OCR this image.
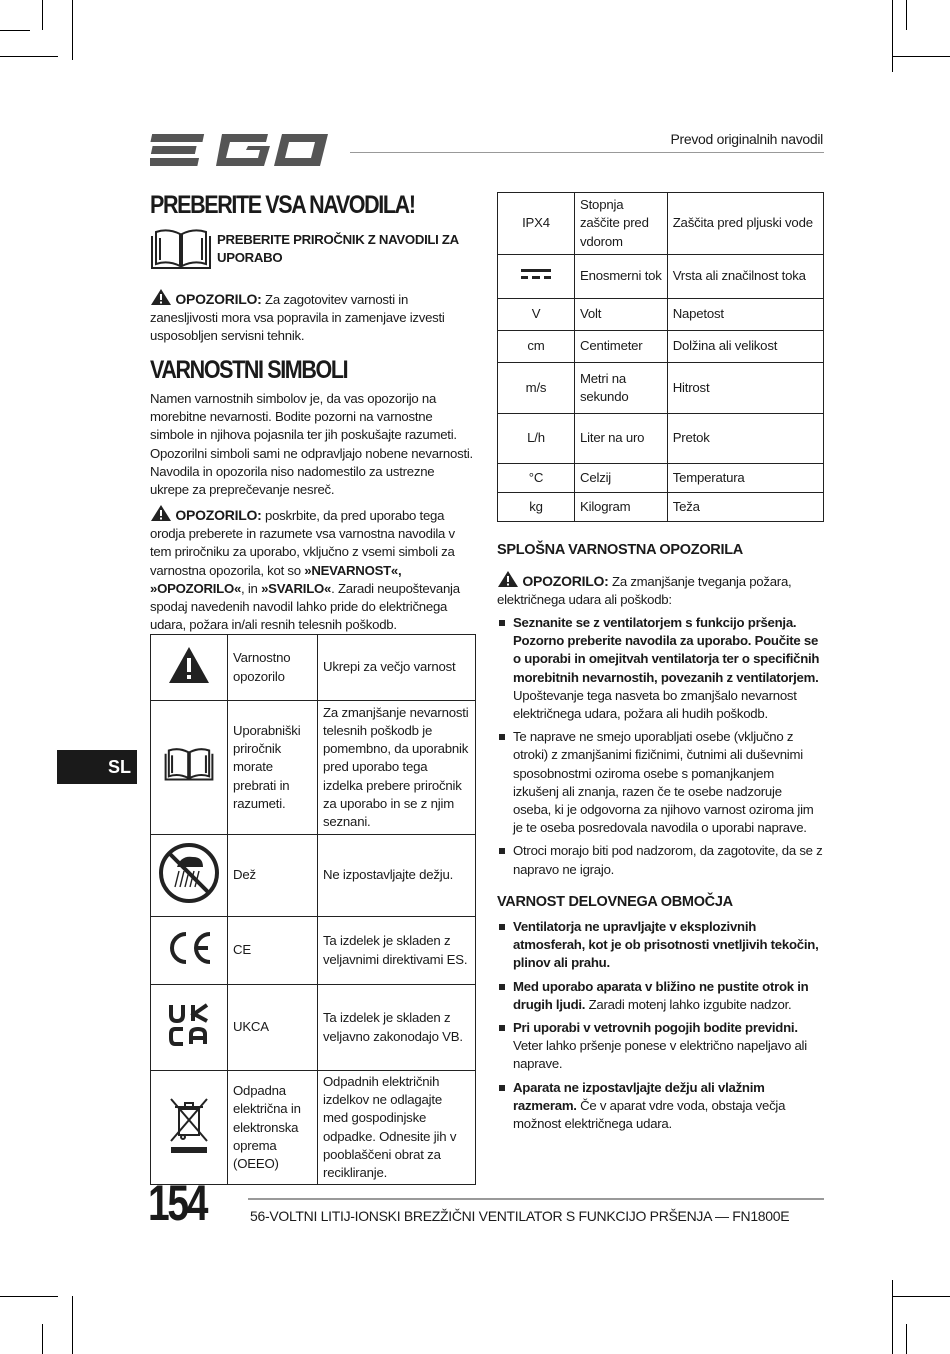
Prevod originalnih navodil
PREBERITE VSA NAVODILA!
PREBERITE PRIROČNIK Z NAVODILI ZA UPORABO
OPOZORILO: Za zagotovitev varnosti in zanesljivosti mora vsa popravila in zamenjave izvesti usposobljen servisni tehnik.
VARNOSTNI SIMBOLI
Namen varnostnih simbolov je, da vas opozorijo na morebitne nevarnosti. Bodite pozorni na varnostne simbole in njihova pojasnila ter jih poskušajte razumeti. Opozorilni simboli sami ne odpravljajo nobene nevarnosti. Navodila in opozorila niso nadomestilo za ustrezne ukrepe za preprečevanje nesreč.
OPOZORILO: poskrbite, da pred uporabo tega orodja preberete in razumete vsa varnostna navodila v tem priročniku za uporabo, vključno z vsemi simboli za varnostna opozorila, kot so »NEVARNOST«, »OPOZORILO«, in »SVARILO«. Zaradi neupoštevanja spodaj navedenih navodil lahko pride do električnega udara, požara in/ali resnih telesnih poškodb.
	Varnostno opozorilo	Ukrepi za večjo varnost
	Uporabniški priročnik morate prebrati in razumeti.	Za zmanjšanje nevarnosti telesnih poškodb je pomembno, da uporabnik pred uporabo tega izdelka prebere priročnik za uporabo in se z njim seznani.
	Dež	Ne izpostavljajte dežju.
	CE	Ta izdelek je skladen z veljavnimi direktivami ES.
	UKCA	Ta izdelek je skladen z veljavno zakonodajo VB.
	Odpadna električna in elektronska oprema (OEEO)	Odpadnih električnih izdelkov ne odlagajte med gospodinjske odpadke. Odnesite jih v pooblaščeni obrat za recikliranje.
SL
IPX4	Stopnja zaščite pred vdorom	Zaščita pred pljuski vode
	Enosmerni tok	Vrsta ali značilnost toka
V	Volt	Napetost
cm	Centimeter	Dolžina ali velikost
m/s	Metri na sekundo	Hitrost
L/h	Liter na uro	Pretok
°C	Celzij	Temperatura
kg	Kilogram	Teža
SPLOŠNA VARNOSTNA OPOZORILA
OPOZORILO: Za zmanjšanje tveganja požara, električnega udara ali poškodb:
Seznanite se z ventilatorjem s funkcijo pršenja. Pozorno preberite navodila za uporabo. Poučite se o uporabi in omejitvah ventilatorja ter o specifičnih morebitnih nevarnostih, povezanih z ventilatorjem. Upoštevanje tega nasveta bo zmanjšalo nevarnost električnega udara, požara ali hudih poškodb.
Te naprave ne smejo uporabljati osebe (vključno z otroki) z zmanjšanimi fizičnimi, čutnimi ali duševnimi sposobnostmi oziroma osebe s pomanjkanjem izkušenj ali znanja, razen če te osebe nadzoruje oseba, ki je odgovorna za njihovo varnost oziroma jim je te oseba posredovala navodila o uporabi naprave.
Otroci morajo biti pod nadzorom, da zagotovite, da se z napravo ne igrajo.
VARNOST DELOVNEGA OBMOČJA
Ventilatorja ne upravljajte v eksplozivnih atmosferah, kot je ob prisotnosti vnetljivih tekočin, plinov ali prahu.
Med uporabo aparata v bližino ne pustite otrok in drugih ljudi. Zaradi motenj lahko izgubite nadzor.
Pri uporabi v vetrovnih pogojih bodite previdni. Veter lahko pršenje ponese v električno napeljavo ali naprave.
Aparata ne izpostavljajte dežju ali vlažnim razmeram. Če v aparat vdre voda, obstaja večja možnost električnega udara.
154	56-VOLTNI LITIJ-IONSKI BREZŽIČNI VENTILATOR S FUNKCIJO PRŠENJA — FN1800E
